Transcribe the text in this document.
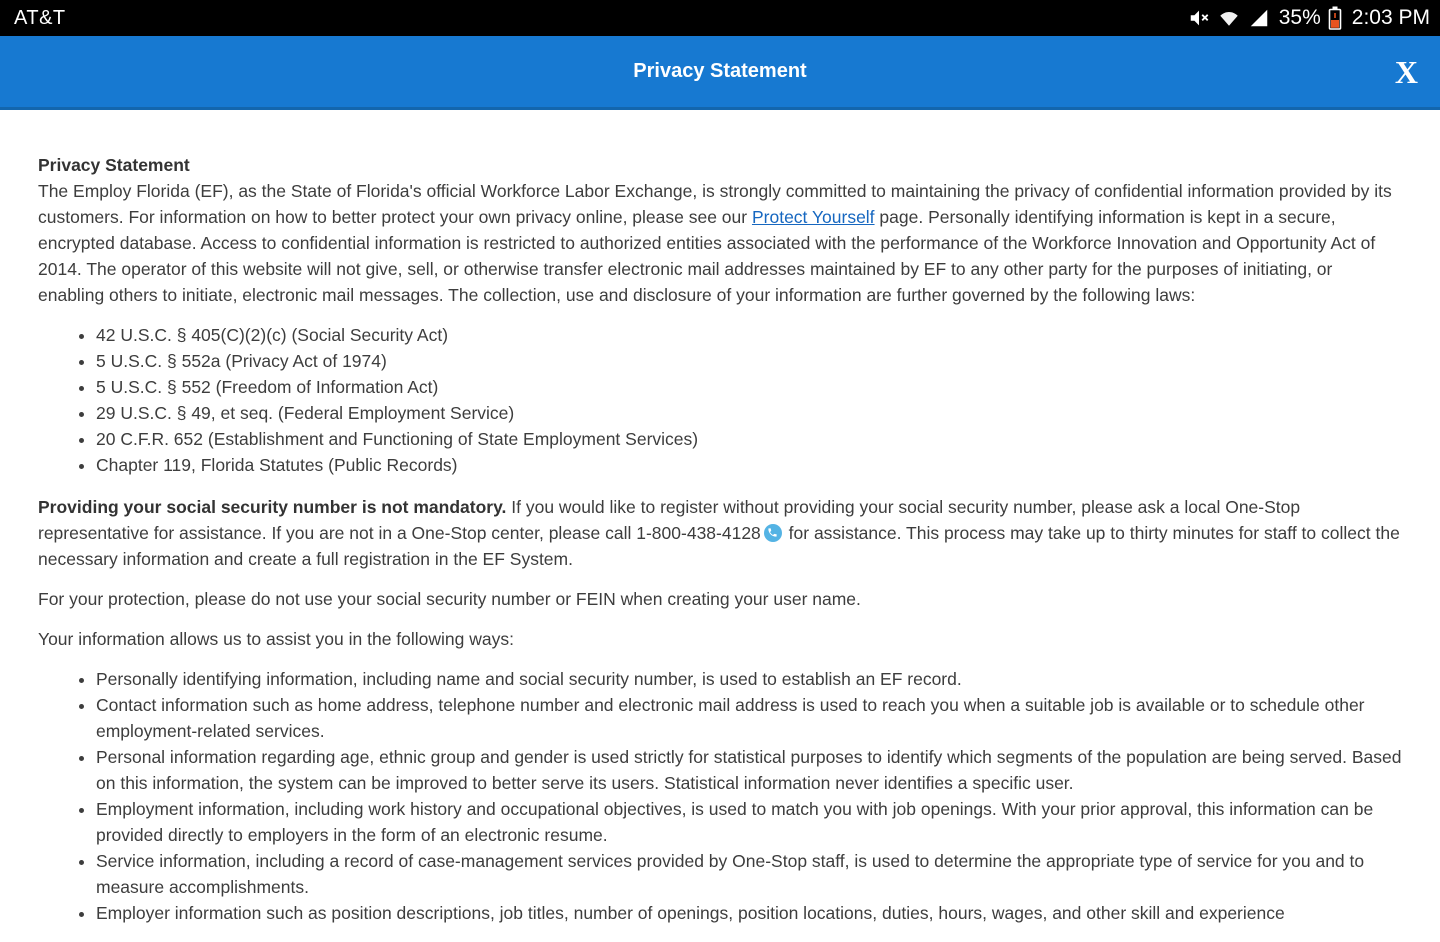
AT&T	35% 2:03 PM
Privacy Statement	X

Privacy Statement

The Employ Florida (EF), as the State of Florida's official Workforce Labor Exchange, is strongly committed to maintaining the privacy of confidential information provided by its customers. For information on how to better protect your own privacy online, please see our Protect Yourself page. Personally identifying information is kept in a secure, encrypted database. Access to confidential information is restricted to authorized entities associated with the performance of the Workforce Innovation and Opportunity Act of 2014. The operator of this website will not give, sell, or otherwise transfer electronic mail addresses maintained by EF to any other party for the purposes of initiating, or enabling others to initiate, electronic mail messages. The collection, use and disclosure of your information are further governed by the following laws:

• 42 U.S.C. § 405(C)(2)(c) (Social Security Act)
• 5 U.S.C. § 552a (Privacy Act of 1974)
• 5 U.S.C. § 552 (Freedom of Information Act)
• 29 U.S.C. § 49, et seq. (Federal Employment Service)
• 20 C.F.R. 652 (Establishment and Functioning of State Employment Services)
• Chapter 119, Florida Statutes (Public Records)

Providing your social security number is not mandatory. If you would like to register without providing your social security number, please ask a local One-Stop representative for assistance. If you are not in a One-Stop center, please call 1-800-438-4128
for assistance. This process may take up to thirty minutes for staff to collect the necessary information and create a full registration in the EF System.

For your protection, please do not use your social security number or FEIN when creating your user name.

Your information allows us to assist you in the following ways:

• Personally identifying information, including name and social security number, is used to establish an EF record.
• Contact information such as home address, telephone number and electronic mail address is used to reach you when a suitable job is available or to schedule other employment-related services.
• Personal information regarding age, ethnic group and gender is used strictly for statistical purposes to identify which segments of the population are being served. Based on this information, the system can be improved to better serve its users. Statistical information never identifies a specific user.
• Employment information, including work history and occupational objectives, is used to match you with job openings. With your prior approval, this information can be provided directly to employers in the form of an electronic resume.
• Service information, including a record of case-management services provided by One-Stop staff, is used to determine the appropriate type of service for you and to measure accomplishments.
• Employer information such as position descriptions, job titles, number of openings, position locations, duties, hours, wages, and other skill and experience
